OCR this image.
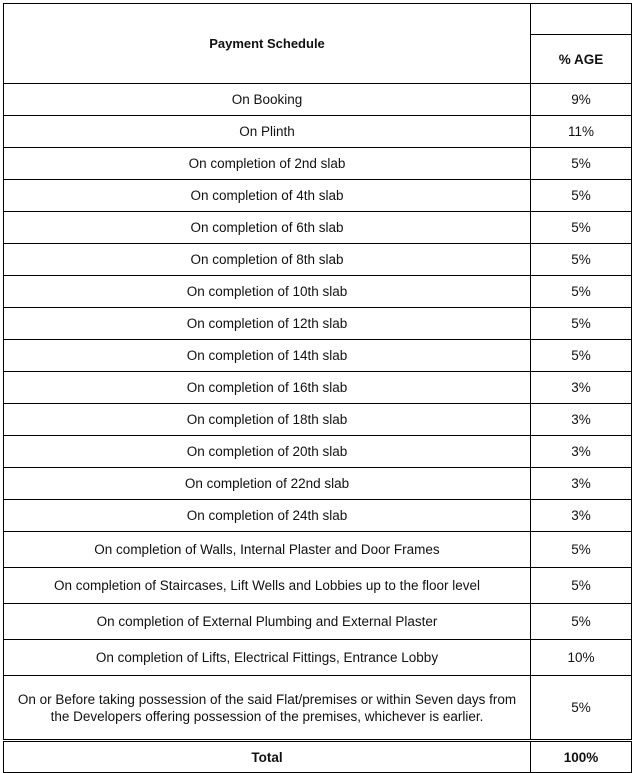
Payment Schedule	
	% AGE
On Booking	9%
On Plinth	11%
On completion of 2nd slab	5%
On completion of 4th slab	5%
On completion of 6th slab	5%
On completion of 8th slab	5%
On completion of 10th slab	5%
On completion of 12th slab	5%
On completion of 14th slab	5%
On completion of 16th slab	3%
On completion of 18th slab	3%
On completion of 20th slab	3%
On completion of 22nd slab	3%
On completion of 24th slab	3%
On completion of Walls, Internal Plaster and Door Frames	5%
On completion of Staircases, Lift Wells and Lobbies up to the floor level	5%
On completion of External Plumbing and External Plaster	5%
On completion of Lifts, Electrical Fittings, Entrance Lobby	10%
On or Before taking possession of the said Flat/premises or within Seven days from the Developers offering possession of the premises, whichever is earlier.	5%
Total	100%
